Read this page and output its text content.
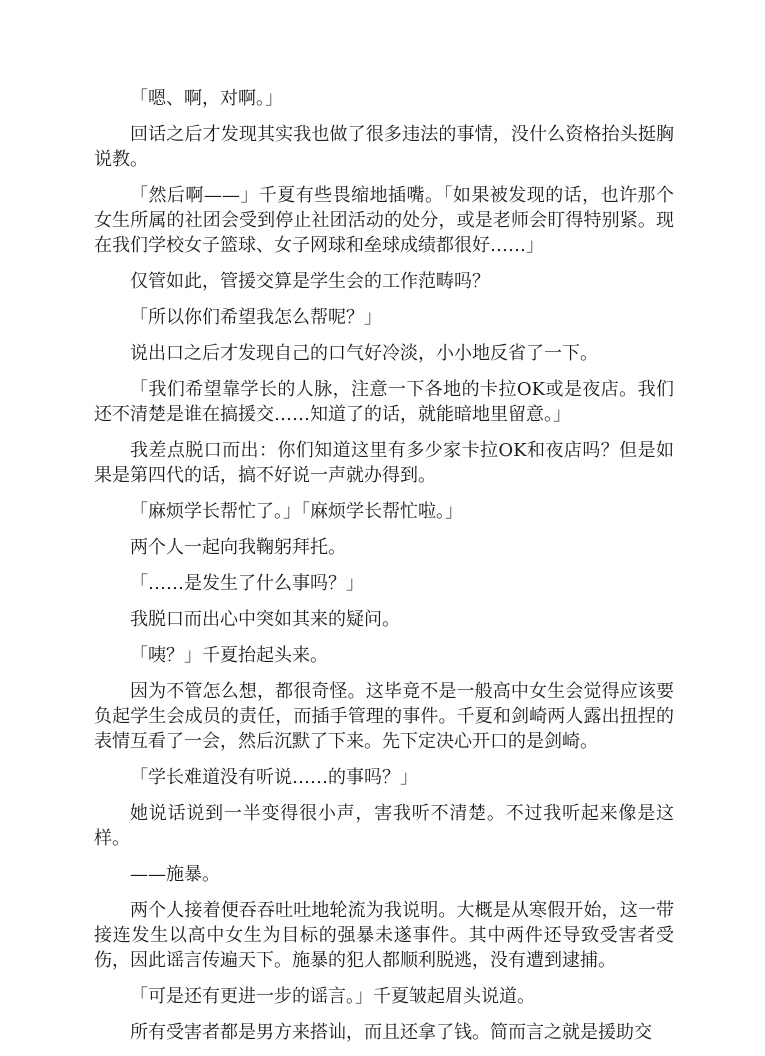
「嗯、啊，对啊。」

回话之后才发现其实我也做了很多违法的事情，没什么资格抬头挺胸说教。

「然后啊——」千夏有些畏缩地插嘴。「如果被发现的话，也许那个女生所属的社团会受到停止社团活动的处分，或是老师会盯得特别紧。现在我们学校女子篮球、女子网球和垒球成绩都很好……」

仅管如此，管援交算是学生会的工作范畴吗？

「所以你们希望我怎么帮呢？」

说出口之后才发现自己的口气好冷淡，小小地反省了一下。

「我们希望靠学长的人脉，注意一下各地的卡拉OK或是夜店。我们还不清楚是谁在搞援交……知道了的话，就能暗地里留意。」

我差点脱口而出：你们知道这里有多少家卡拉OK和夜店吗？但是如果是第四代的话，搞不好说一声就办得到。

「麻烦学长帮忙了。」「麻烦学长帮忙啦。」

两个人一起向我鞠躬拜托。

「……是发生了什么事吗？」

我脱口而出心中突如其来的疑问。

「咦？」千夏抬起头来。

因为不管怎么想，都很奇怪。这毕竟不是一般高中女生会觉得应该要负起学生会成员的责任，而插手管理的事件。千夏和剑崎两人露出扭捏的表情互看了一会，然后沉默了下来。先下定决心开口的是剑崎。

「学长难道没有听说……的事吗？」

她说话说到一半变得很小声，害我听不清楚。不过我听起来像是这样。

——施暴。

两个人接着便吞吞吐吐地轮流为我说明。大概是从寒假开始，这一带接连发生以高中女生为目标的强暴未遂事件。其中两件还导致受害者受伤，因此谣言传遍天下。施暴的犯人都顺利脱逃，没有遭到逮捕。

「可是还有更进一步的谣言。」千夏皱起眉头说道。

所有受害者都是男方来搭讪，而且还拿了钱。简而言之就是援助交
